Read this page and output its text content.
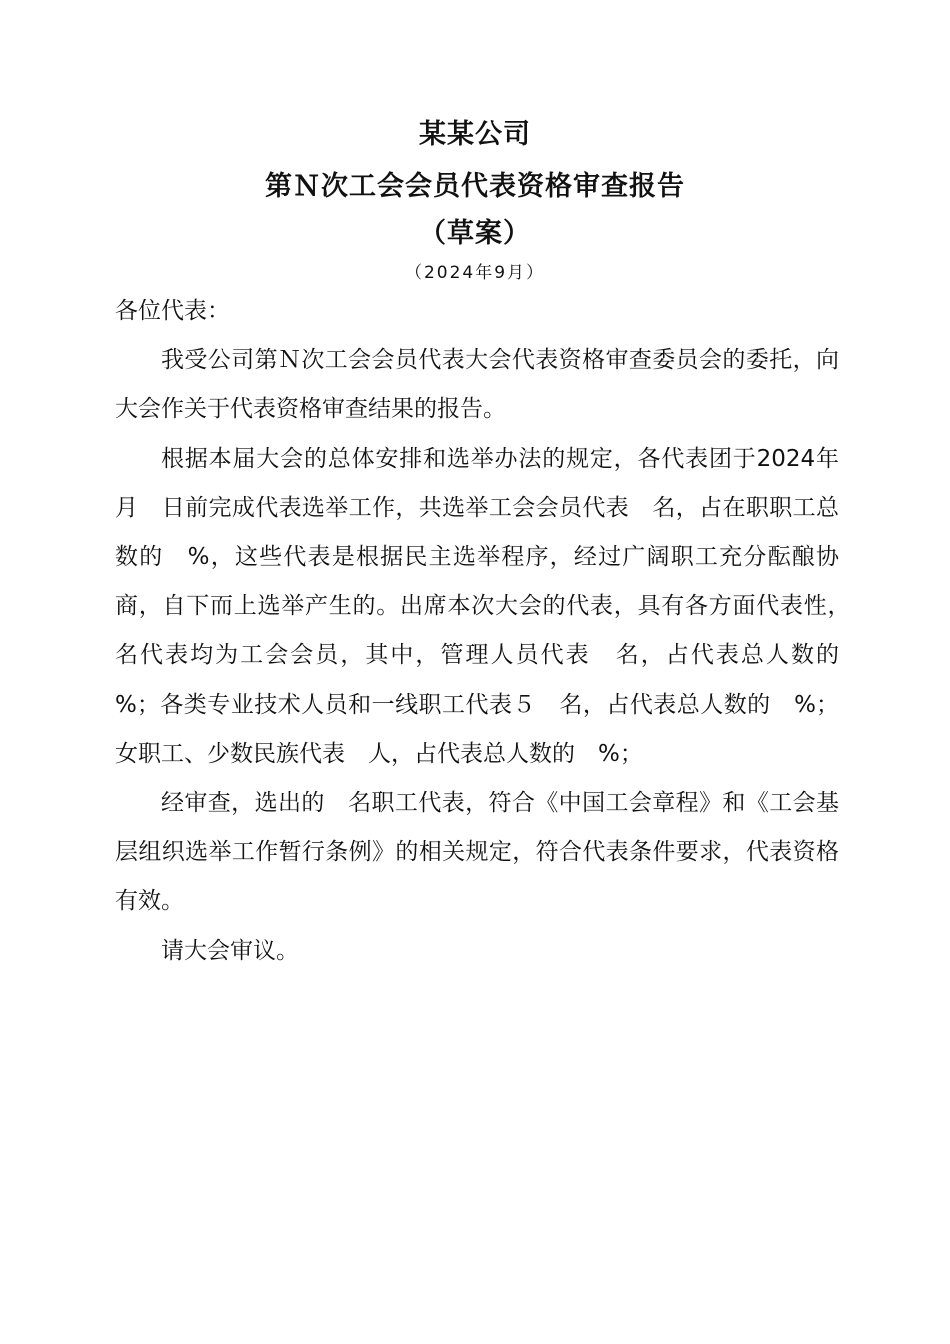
某某公司
第Ｎ次工会会员代表资格审查报告
（草案）
（2024年9月）

各位代表：

我受公司第Ｎ次工会会员代表大会代表资格审查委员会的委托，向大会作关于代表资格审查结果的报告。

根据本届大会的总体安排和选举办法的规定，各代表团于2024年　月　日前完成代表选举工作，共选举工会会员代表　名，占在职职工总数的　%，这些代表是根据民主选举程序，经过广阔职工充分酝酿协商，自下而上选举产生的。出席本次大会的代表，具有各方面代表性，　名代表均为工会会员，其中，管理人员代表　名，占代表总人数的　%；各类专业技术人员和一线职工代表５　名，占代表总人数的　%；女职工、少数民族代表　人，占代表总人数的　%；

经审查，选出的　名职工代表，符合《中国工会章程》和《工会基层组织选举工作暂行条例》的相关规定，符合代表条件要求，代表资格有效。

请大会审议。
